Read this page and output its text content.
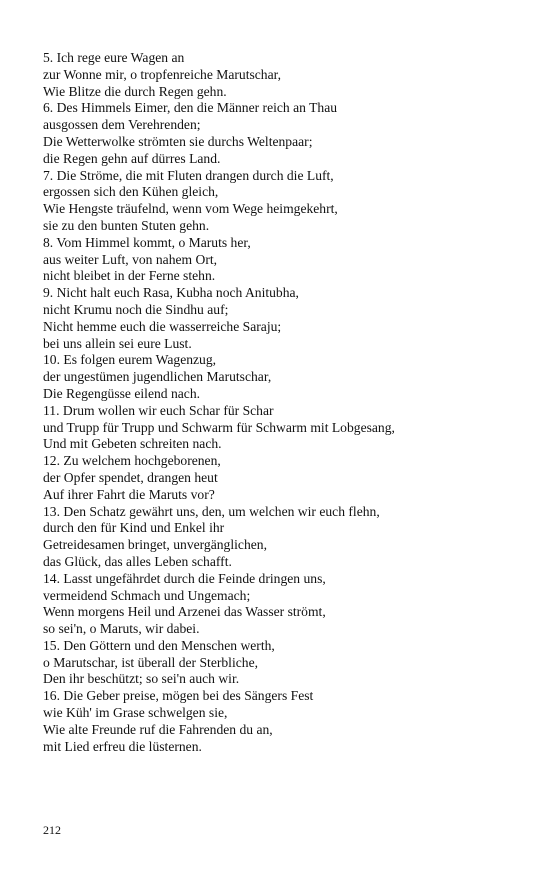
5. Ich rege eure Wagen an
zur Wonne mir, o tropfenreiche Marutschar,
Wie Blitze die durch Regen gehn.
6. Des Himmels Eimer, den die Männer reich an Thau
ausgossen dem Verehrenden;
Die Wetterwolke strömten sie durchs Weltenpaar;
die Regen gehn auf dürres Land.
7. Die Ströme, die mit Fluten drangen durch die Luft,
ergossen sich den Kühen gleich,
Wie Hengste träufelnd, wenn vom Wege heimgekehrt,
sie zu den bunten Stuten gehn.
8. Vom Himmel kommt, o Maruts her,
aus weiter Luft, von nahem Ort,
nicht bleibet in der Ferne stehn.
9. Nicht halt euch Rasa, Kubha noch Anitubha,
nicht Krumu noch die Sindhu auf;
Nicht hemme euch die wasserreiche Saraju;
bei uns allein sei eure Lust.
10. Es folgen eurem Wagenzug,
der ungestümen jugendlichen Marutschar,
Die Regengüsse eilend nach.
11. Drum wollen wir euch Schar für Schar
und Trupp für Trupp und Schwarm für Schwarm mit Lobgesang,
Und mit Gebeten schreiten nach.
12. Zu welchem hochgeborenen,
der Opfer spendet, drangen heut
Auf ihrer Fahrt die Maruts vor?
13. Den Schatz gewährt uns, den, um welchen wir euch flehn,
durch den für Kind und Enkel ihr
Getreidesamen bringet, unvergänglichen,
das Glück, das alles Leben schafft.
14. Lasst ungefährdet durch die Feinde dringen uns,
vermeidend Schmach und Ungemach;
Wenn morgens Heil und Arzenei das Wasser strömt,
so sei'n, o Maruts, wir dabei.
15. Den Göttern und den Menschen werth,
o Marutschar, ist überall der Sterbliche,
Den ihr beschützt; so sei'n auch wir.
16. Die Geber preise, mögen bei des Sängers Fest
wie Küh' im Grase schwelgen sie,
Wie alte Freunde ruf die Fahrenden du an,
mit Lied erfreu die lüsternen.
212
